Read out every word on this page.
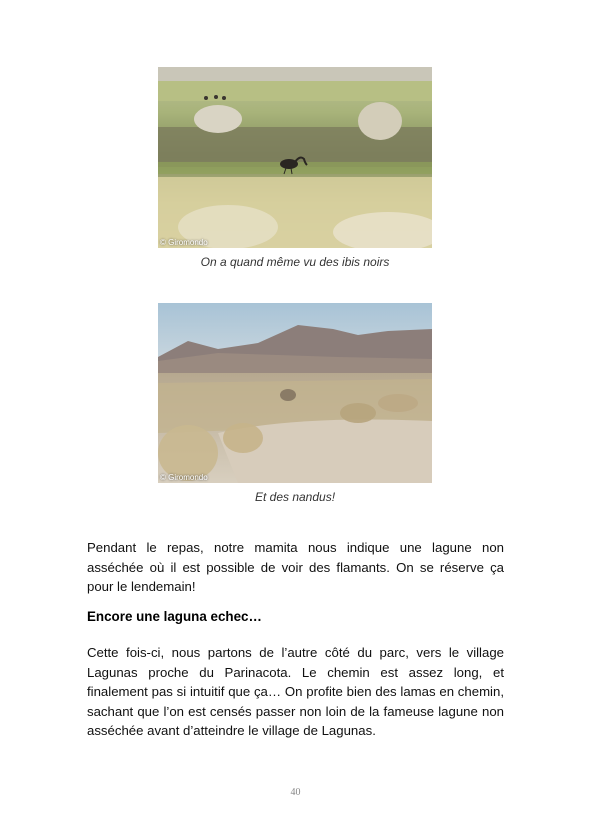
© Giromondo
On a quand même vu des ibis noirs
© Giromondo
Et des nandus!

Pendant le repas, notre mamita nous indique une lagune non asséchée où il est possible de voir des flamants. On se réserve ça pour le lendemain!

Encore une laguna echec…

Cette fois-ci, nous partons de l’autre côté du parc, vers le village Lagunas proche du Parinacota. Le chemin est assez long, et finalement pas si intuitif que ça… On profite bien des lamas en chemin, sachant que l’on est censés passer non loin de la fameuse lagune non asséchée avant d’atteindre le village de Lagunas.

40
